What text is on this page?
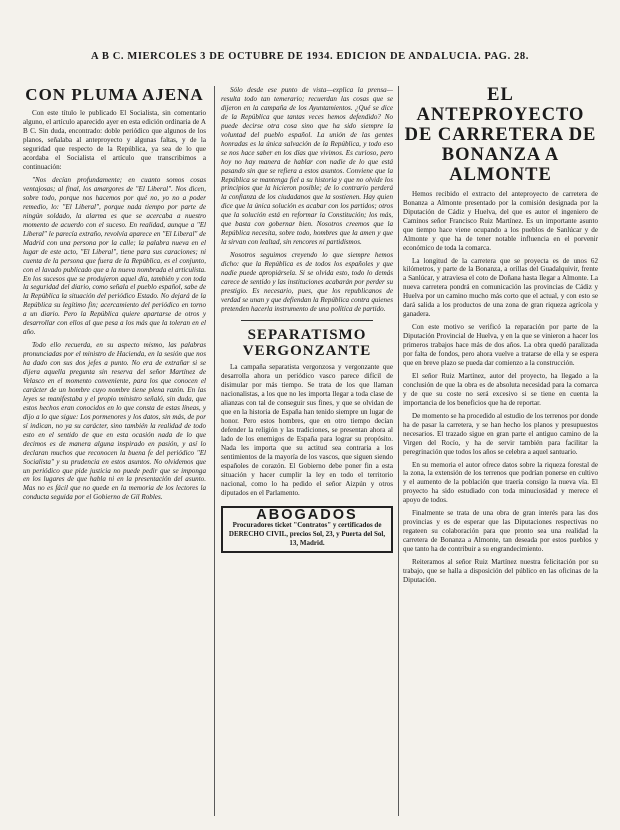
A B C. MIERCOLES 3 DE OCTUBRE DE 1934. EDICION DE ANDALUCIA. PAG. 28.
CON PLUMA AJENA

Con este título le publicado El Socialista, sin comentario alguno, el artículo aparecido ayer en esta edición ordinaria de A B C. Sin duda, encontrado: doble periódico que algunos de los planos, señalaba al anteproyecto y algunas faltas, y de la seguridad que respecto de la República, ya sea de lo que acordaba el Socialista el artículo que transcribimos a continuación:

"Nos decían profundamente; en cuanto somos cosas ventajosas; al final, los amargores de "El Liberal". Nos dicen, sobre todo, porque nos hacemos por qué no, yo no a poder remedio, lo: "El Liberal", porque nada tiempo por parte de ningún soldado, la alarma es que se acercaba a nuestro momento de acuerdo con el suceso. En realidad, aunque a "El Liberal" le parecía extraño, revolvía aparece en "El Liberal" de Madrid con una persona por la calle; la palabra nueva en el lugar de este acto, "El Liberal", tiene para sus caraciones; ni cuenta de la persona que fuera de la República, es el conjunto, con el lavado publicado que a la nueva nombrada el articulista. En los sucesos que se produjeron aquel día, también y con toda la seguridad del diario, como señala el pueblo español, sabe de la República la situación del periódico Estado. No dejará de la República su legítimo fin; acercamiento del periódico en torno a un diario. Pero la República quiere apartarse de otros y desarrollar con ellos al que pesa a los más que la toleran en el año.

Todo ello recuerda, en su aspecto mismo, las palabras pronunciadas por el ministro de Hacienda, en la sesión que nos ha dado con sus dos jefes a punto. No era de extrañar si se dijera aquella pregunta sin reserva del señor Martínez de Velasco en el momento conveniente, para los que conocen el carácter de un hombre cuyo nombre tiene plena razón. En las leyes se manifestaba y el propio ministro señaló, sin duda, que estos hechos eran conocidos en lo que consta de estas líneas, y dijo a lo que sigue: Los pormenores y los datos, sin más, de por sí indican, no ya su carácter, sino también la realidad de todo esto en el sentido de que en esta ocasión nada de lo que decimos es de manera alguna inspirado en pasión, y así lo declaran muchos que reconocen la buena fe del periódico "El Socialista" y su prudencia en estos asuntos. No olvidemos que un periódico que pide justicia no puede pedir que se imponga en los lugares de que habla ni en la presentación del asunto. Mas no es fácil que no quede en la memoria de los lectores la conducta seguida por el Gobierno de Gil Robles.

Sólo desde ese punto de vista—explica la prensa—resulta todo tan temerario; recuerdan las cosas que se dijeron en la campaña de los Ayuntamientos. ¿Qué se dice de la República que tantas veces hemos defendido? No puede decirse otra cosa sino que ha sido siempre la voluntad del pueblo español. La unión de las gentes honradas es la única salvación de la República, y todo eso se nos hace saber en los días que vivimos. Es curioso, pero hoy no hay manera de hablar con nadie de lo que está pasando sin que se refiera a estos asuntos. Conviene que la República se mantenga fiel a su historia y que no olvide los principios que la hicieron posible; de lo contrario perderá la confianza de los ciudadanos que la sostienen. Hay quien dice que la única solución es acabar con los partidos; otros que la solución está en reformar la Constitución; los más, que basta con gobernar bien. Nosotros creemos que la República necesita, sobre todo, hombres que la amen y que la sirvan con lealtad, sin rencores ni partidismos.

Nosotros seguimos creyendo lo que siempre hemos dicho: que la República es de todos los españoles y que nadie puede apropiársela. Si se olvida esto, todo lo demás carece de sentido y las instituciones acabarán por perder su prestigio. Es necesario, pues, que los republicanos de verdad se unan y que defiendan la República contra quienes pretenden hacerla instrumento de una política de partido.

SEPARATISMO VERGONZANTE

La campaña separatista vergonzosa y vergonzante que desarrolla ahora un periódico vasco parece difícil de disimular por más tiempo. Se trata de los que llaman nacionalistas, a los que no les importa llegar a toda clase de alianzas con tal de conseguir sus fines, y que se olvidan de que en la historia de España han tenido siempre un lugar de honor. Pero estos hombres, que en otro tiempo decían defender la religión y las tradiciones, se presentan ahora al lado de los enemigos de España para lograr su propósito. Nada les importa que su actitud sea contraria a los sentimientos de la mayoría de los vascos, que siguen siendo españoles de corazón. El Gobierno debe poner fin a esta situación y hacer cumplir la ley en todo el territorio nacional, como lo ha pedido el señor Aizpún y otros diputados en el Parlamento.

ABOGADOS
Procuradores ticket "Contratos" y certificados de DERECHO CIVIL, precios Sol, 23, y Puerta del Sol, 13, Madrid.
EL ANTEPROYECTO DE CARRETERA DE BONANZA A ALMONTE

Hemos recibido el extracto del anteproyecto de carretera de Bonanza a Almonte presentado por la comisión designada por la Diputación de Cádiz y Huelva, del que es autor el ingeniero de Caminos señor Francisco Ruiz Martínez. Es un importante asunto que tiempo hace viene ocupando a los pueblos de Sanlúcar y de Almonte y que ha de tener notable influencia en el porvenir económico de toda la comarca.

La longitud de la carretera que se proyecta es de unos 62 kilómetros, y parte de la Bonanza, a orillas del Guadalquivir, frente a Sanlúcar, y atraviesa el coto de Doñana hasta llegar a Almonte. La nueva carretera pondrá en comunicación las provincias de Cádiz y Huelva por un camino mucho más corto que el actual, y con esto se dará salida a los productos de una zona de gran riqueza agrícola y ganadera.

Con este motivo se verificó la reparación por parte de la Diputación Provincial de Huelva, y en la que se vinieron a hacer los primeros trabajos hace más de dos años. La obra quedó paralizada por falta de fondos, pero ahora vuelve a tratarse de ella y se espera que en breve plazo se pueda dar comienzo a la construcción.

El señor Ruiz Martínez, autor del proyecto, ha llegado a la conclusión de que la obra es de absoluta necesidad para la comarca y de que su coste no será excesivo si se tiene en cuenta la importancia de los beneficios que ha de reportar.

De momento se ha procedido al estudio de los terrenos por donde ha de pasar la carretera, y se han hecho los planos y presupuestos necesarios. El trazado sigue en gran parte el antiguo camino de la Virgen del Rocío, y ha de servir también para facilitar la peregrinación que todos los años se celebra a aquel santuario.

En su memoria el autor ofrece datos sobre la riqueza forestal de la zona, la extensión de los terrenos que podrían ponerse en cultivo y el aumento de la población que traería consigo la nueva vía. El proyecto ha sido estudiado con toda minuciosidad y merece el apoyo de todos.

Finalmente se trata de una obra de gran interés para las dos provincias y es de esperar que las Diputaciones respectivas no regateen su colaboración para que pronto sea una realidad la carretera de Bonanza a Almonte, tan deseada por estos pueblos y que tanto ha de contribuir a su engrandecimiento.

Reiteramos al señor Ruiz Martínez nuestra felicitación por su trabajo, que se halla a disposición del público en las oficinas de la Diputación.
